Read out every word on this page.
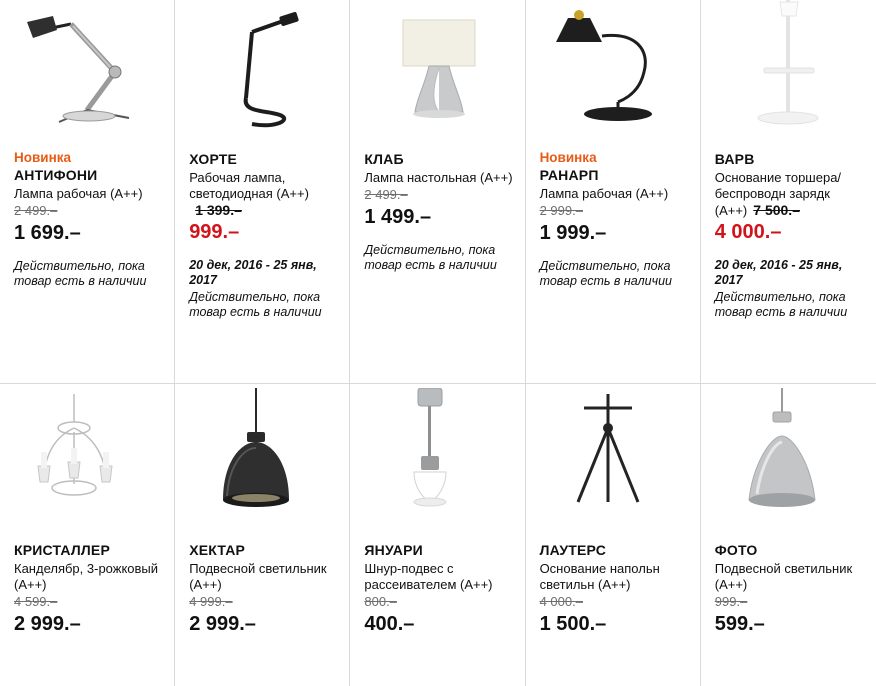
Новинка
АНТИФОНИ
Лампа рабочая (А++)
2 499.–
1 699.–
Действительно, пока товар есть в наличии
ХОРТЕ
Рабочая лампа, светодиодная (А++)1 399.–
999.–
20 дек, 2016 - 25 янв, 2017
Действительно, пока товар есть в наличии
КЛАБ
Лампа настольная (А++)
2 499.–
1 499.–
Действительно, пока товар есть в наличии
Новинка
РАНАРП
Лампа рабочая (А++)
2 999.–
1 999.–
Действительно, пока товар есть в наличии
ВАРВ
Основание торшера/ беспроводн зарядк (А++) 7 500.–
4 000.–
20 дек, 2016 - 25 янв, 2017
Действительно, пока товар есть в наличии
КРИСТАЛЛЕР
Канделябр, 3-рожковый (А++)
4 599.–
2 999.–
ХЕКТАР
Подвесной светильник (А++)
4 999.–
2 999.–
ЯНУАРИ
Шнур-подвес с рассеивателем (А++)
800.–
400.–
ЛАУТЕРС
Основание напольн светильн (А++)
4 000.–
1 500.–
ФОТО
Подвесной светильник (А++)
999.–
599.–
